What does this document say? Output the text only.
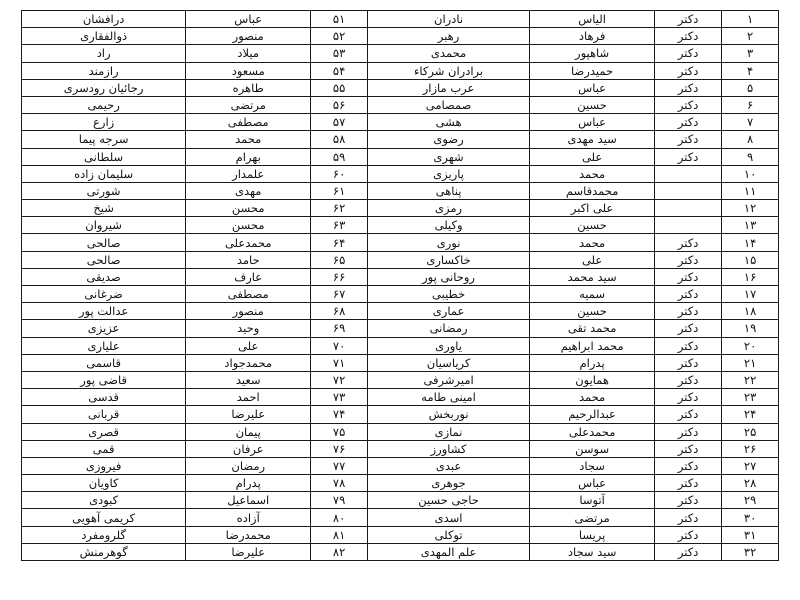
۱	دکتر	الیاس	نادران	۵۱	عباس	درافشان
۲	دکتر	فرهاد	رهبر	۵۲	منصور	ذوالفقاری
۳	دکتر	شاهپور	محمدی	۵۳	میلاد	راد
۴	دکتر	حمیدرضا	برادران شرکاء	۵۴	مسعود	رازمند
۵	دکتر	عباس	عرب مازار	۵۵	طاهره	رجائیان رودسری
۶	دکتر	حسین	صمصامی	۵۶	مرتضی	رحیمی
۷	دکتر	عباس	هشی	۵۷	مصطفی	زارع
۸	دکتر	سید مهدی	رضوی	۵۸	محمد	سرجه پیما
۹	دکتر	علی	شهری	۵۹	بهرام	سلطانی
۱۰		محمد	پاریزی	۶۰	علمدار	سلیمان زاده
۱۱		محمدقاسم	پناهی	۶۱	مهدی	شورتی
۱۲		علی اکبر	رمزی	۶۲	محسن	شیخ
۱۳		حسین	وکیلی	۶۳	محسن	شیروان
۱۴	دکتر	محمد	نوری	۶۴	محمدعلی	صالحی
۱۵	دکتر	علی	خاکساری	۶۵	حامد	صالحی
۱۶	دکتر	سید محمد	روحانی پور	۶۶	عارف	صدیقی
۱۷	دکتر	سمیه	خطیبی	۶۷	مصطفی	ضرغانی
۱۸	دکتر	حسین	عماری	۶۸	منصور	عدالت پور
۱۹	دکتر	محمد تقی	رمضانی	۶۹	وحید	عزیزی
۲۰	دکتر	محمد ابراهیم	یاوری	۷۰	علی	علیاری
۲۱	دکتر	پدرام	کریاسیان	۷۱	محمدجواد	قاسمی
۲۲	دکتر	همایون	امیرشرفی	۷۲	سعید	قاضی پور
۲۳	دکتر	محمد	امینی طامه	۷۳	احمد	قدسی
۲۴	دکتر	عبدالرحیم	نوربخش	۷۴	علیرضا	قربانی
۲۵	دکتر	محمدعلی	نمازی	۷۵	پیمان	قصری
۲۶	دکتر	سوسن	کشاورز	۷۶	عرفان	قمی
۲۷	دکتر	سجاد	عبدی	۷۷	رمضان	فیروزی
۲۸	دکتر	عباس	جوهری	۷۸	پدرام	کاویان
۲۹	دکتر	آتوسا	حاجی حسین	۷۹	اسماعیل	کبودی
۳۰	دکتر	مرتضی	اسدی	۸۰	آزاده	کریمی آهویی
۳۱	دکتر	پریسا	توکلی	۸۱	محمدرضا	گلرومفرد
۳۲	دکتر	سید سجاد	علم المهدی	۸۲	علیرضا	گوهرمنش
